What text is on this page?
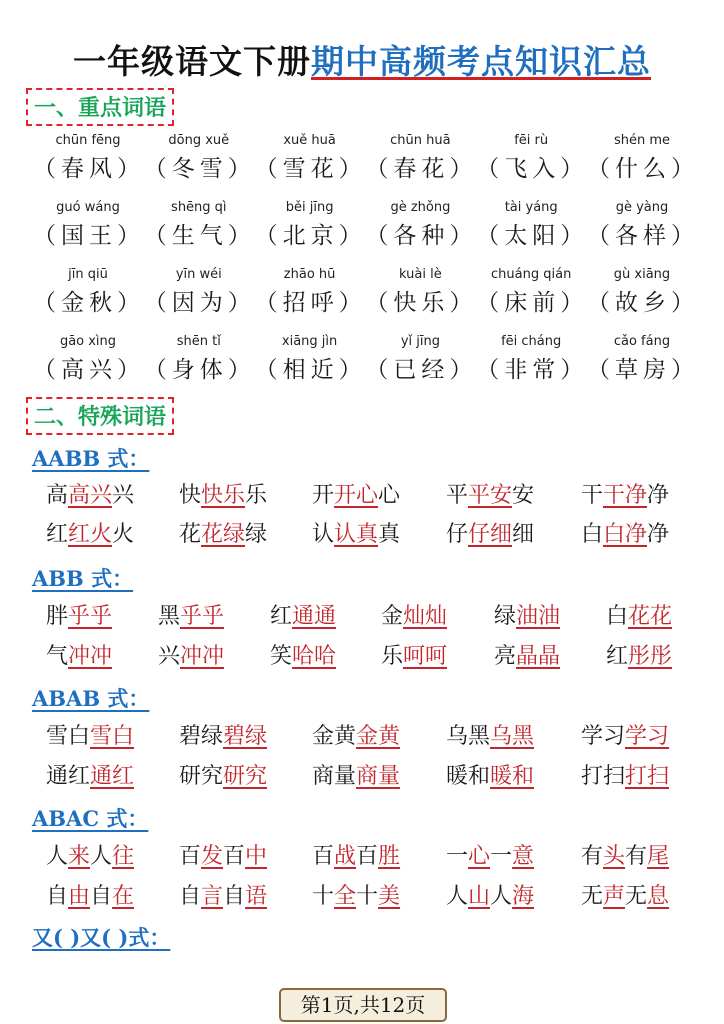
一年级语文下册期中高频考点知识汇总
一、重点词语
chūn fēng
（春风）
dōng xuě
（冬雪）
xuě huā
（雪花）
chūn huā
（春花）
fēi rù
（飞入）
shén me
（什么）
guó wáng
（国王）
shēng qì
（生气）
běi jīng
（北京）
gè zhǒng
（各种）
tài yáng
（太阳）
gè yàng
（各样）
jīn qiū
（金秋）
yīn wéi
（因为）
zhāo hū
（招呼）
kuài lè
（快乐）
chuáng qián
（床前）
gù xiāng
（故乡）
gāo xìng
（高兴）
shēn tǐ
（身体）
xiāng jìn
（相近）
yǐ jīng
（已经）
fēi cháng
（非常）
cǎo fáng
（草房）
二、特殊词语
AABB 式：
高高兴兴 快快乐乐 开开心心 平平安安 干干净净
红红火火 花花绿绿 认认真真 仔仔细细 白白净净
ABB 式：
胖乎乎 黑乎乎 红通通 金灿灿 绿油油 白花花
气冲冲 兴冲冲 笑哈哈 乐呵呵 亮晶晶 红彤彤
ABAB 式：
雪白雪白 碧绿碧绿 金黄金黄 乌黑乌黑 学习学习
通红通红 研究研究 商量商量 暖和暖和 打扫打扫
ABAC 式：
人来人往 百发百中 百战百胜 一心一意 有头有尾
自由自在 自言自语 十全十美 人山人海 无声无息
又( )又( )式：
第1页,共12页
